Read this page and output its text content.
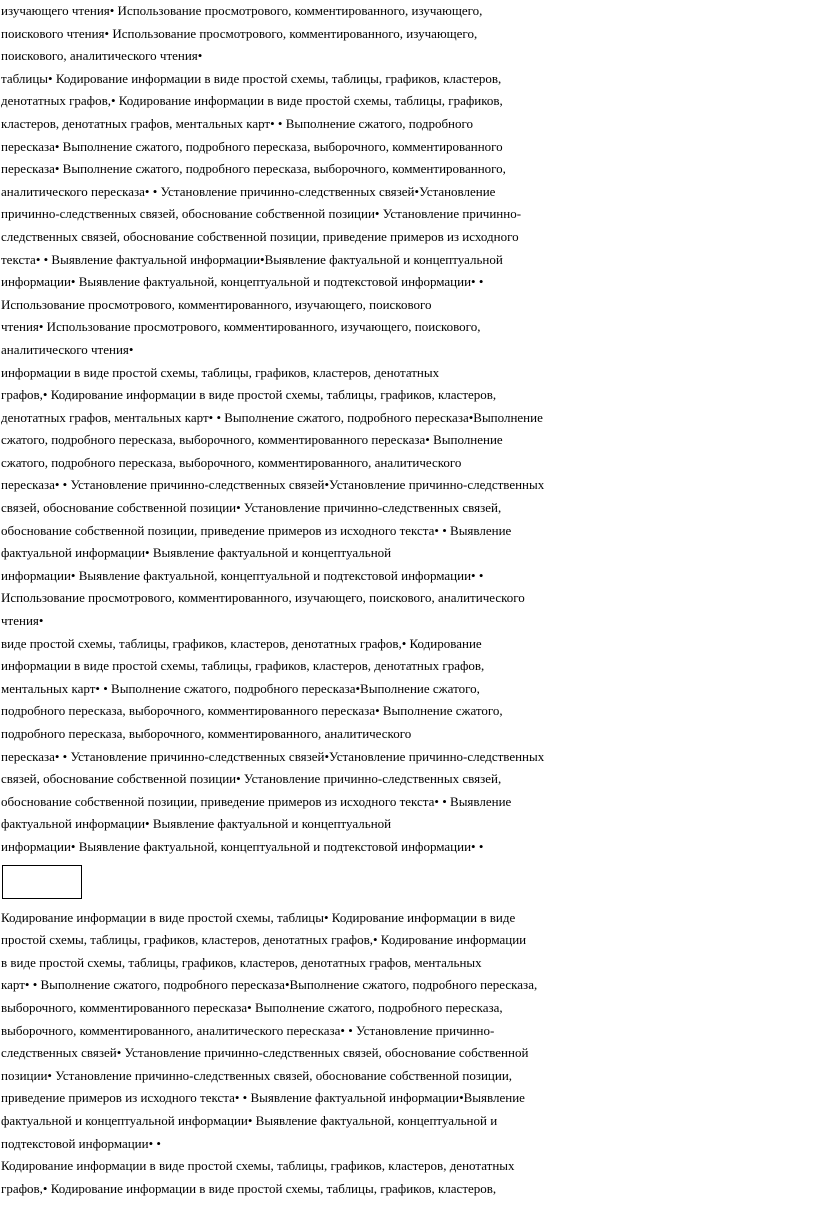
изучающего чтения• Использование просмотрового, комментированного, изучающего,
поискового чтения• Использование просмотрового, комментированного, изучающего,
поискового, аналитического чтения•
таблицы• Кодирование информации в виде простой схемы, таблицы, графиков, кластеров,
денотатных графов,• Кодирование информации в виде простой схемы, таблицы, графиков,
кластеров, денотатных графов, ментальных карт• • Выполнение сжатого, подробного
пересказа• Выполнение сжатого, подробного пересказа, выборочного, комментированного
пересказа• Выполнение сжатого, подробного пересказа, выборочного, комментированного,
аналитического пересказа• • Установление причинно-следственных связей•Установление
причинно-следственных связей, обоснование собственной позиции• Установление причинно-
следственных связей, обоснование собственной позиции, приведение примеров из исходного
текста• • Выявление фактуальной информации•Выявление фактуальной и концептуальной
информации• Выявление фактуальной, концептуальной и подтекстовой информации• •
Использование просмотрового, комментированного, изучающего, поискового
чтения• Использование просмотрового, комментированного, изучающего, поискового,
аналитического чтения•
информации в виде простой схемы, таблицы, графиков, кластеров, денотатных
графов,• Кодирование информации в виде простой схемы, таблицы, графиков, кластеров,
денотатных графов, ментальных карт• • Выполнение сжатого, подробного пересказа•Выполнение
сжатого, подробного пересказа, выборочного, комментированного пересказа• Выполнение
сжатого, подробного пересказа, выборочного, комментированного, аналитического
пересказа• • Установление причинно-следственных связей•Установление причинно-следственных
связей, обоснование собственной позиции• Установление причинно-следственных связей,
обоснование собственной позиции, приведение примеров из исходного текста• • Выявление
фактуальной информации• Выявление фактуальной и концептуальной
информации• Выявление фактуальной, концептуальной и подтекстовой информации• •
Использование просмотрового, комментированного, изучающего, поискового, аналитического
чтения•
виде простой схемы, таблицы, графиков, кластеров, денотатных графов,• Кодирование
информации в виде простой схемы, таблицы, графиков, кластеров, денотатных графов,
ментальных карт• • Выполнение сжатого, подробного пересказа•Выполнение сжатого,
подробного пересказа, выборочного, комментированного пересказа• Выполнение сжатого,
подробного пересказа, выборочного, комментированного, аналитического
пересказа• • Установление причинно-следственных связей•Установление причинно-следственных
связей, обоснование собственной позиции• Установление причинно-следственных связей,
обоснование собственной позиции, приведение примеров из исходного текста• • Выявление
фактуальной информации• Выявление фактуальной и концептуальной
информации• Выявление фактуальной, концептуальной и подтекстовой информации• •
Кодирование информации в виде простой схемы, таблицы• Кодирование информации в виде
простой схемы, таблицы, графиков, кластеров, денотатных графов,• Кодирование информации
в виде простой схемы, таблицы, графиков, кластеров, денотатных графов, ментальных
карт• • Выполнение сжатого, подробного пересказа•Выполнение сжатого, подробного пересказа,
выборочного, комментированного пересказа• Выполнение сжатого, подробного пересказа,
выборочного, комментированного, аналитического пересказа• • Установление причинно-
следственных связей• Установление причинно-следственных связей, обоснование собственной
позиции• Установление причинно-следственных связей, обоснование собственной позиции,
приведение примеров из исходного текста• • Выявление фактуальной информации•Выявление
фактуальной и концептуальной информации• Выявление фактуальной, концептуальной и
подтекстовой информации• •
Кодирование информации в виде простой схемы, таблицы, графиков, кластеров, денотатных
графов,• Кодирование информации в виде простой схемы, таблицы, графиков, кластеров,
